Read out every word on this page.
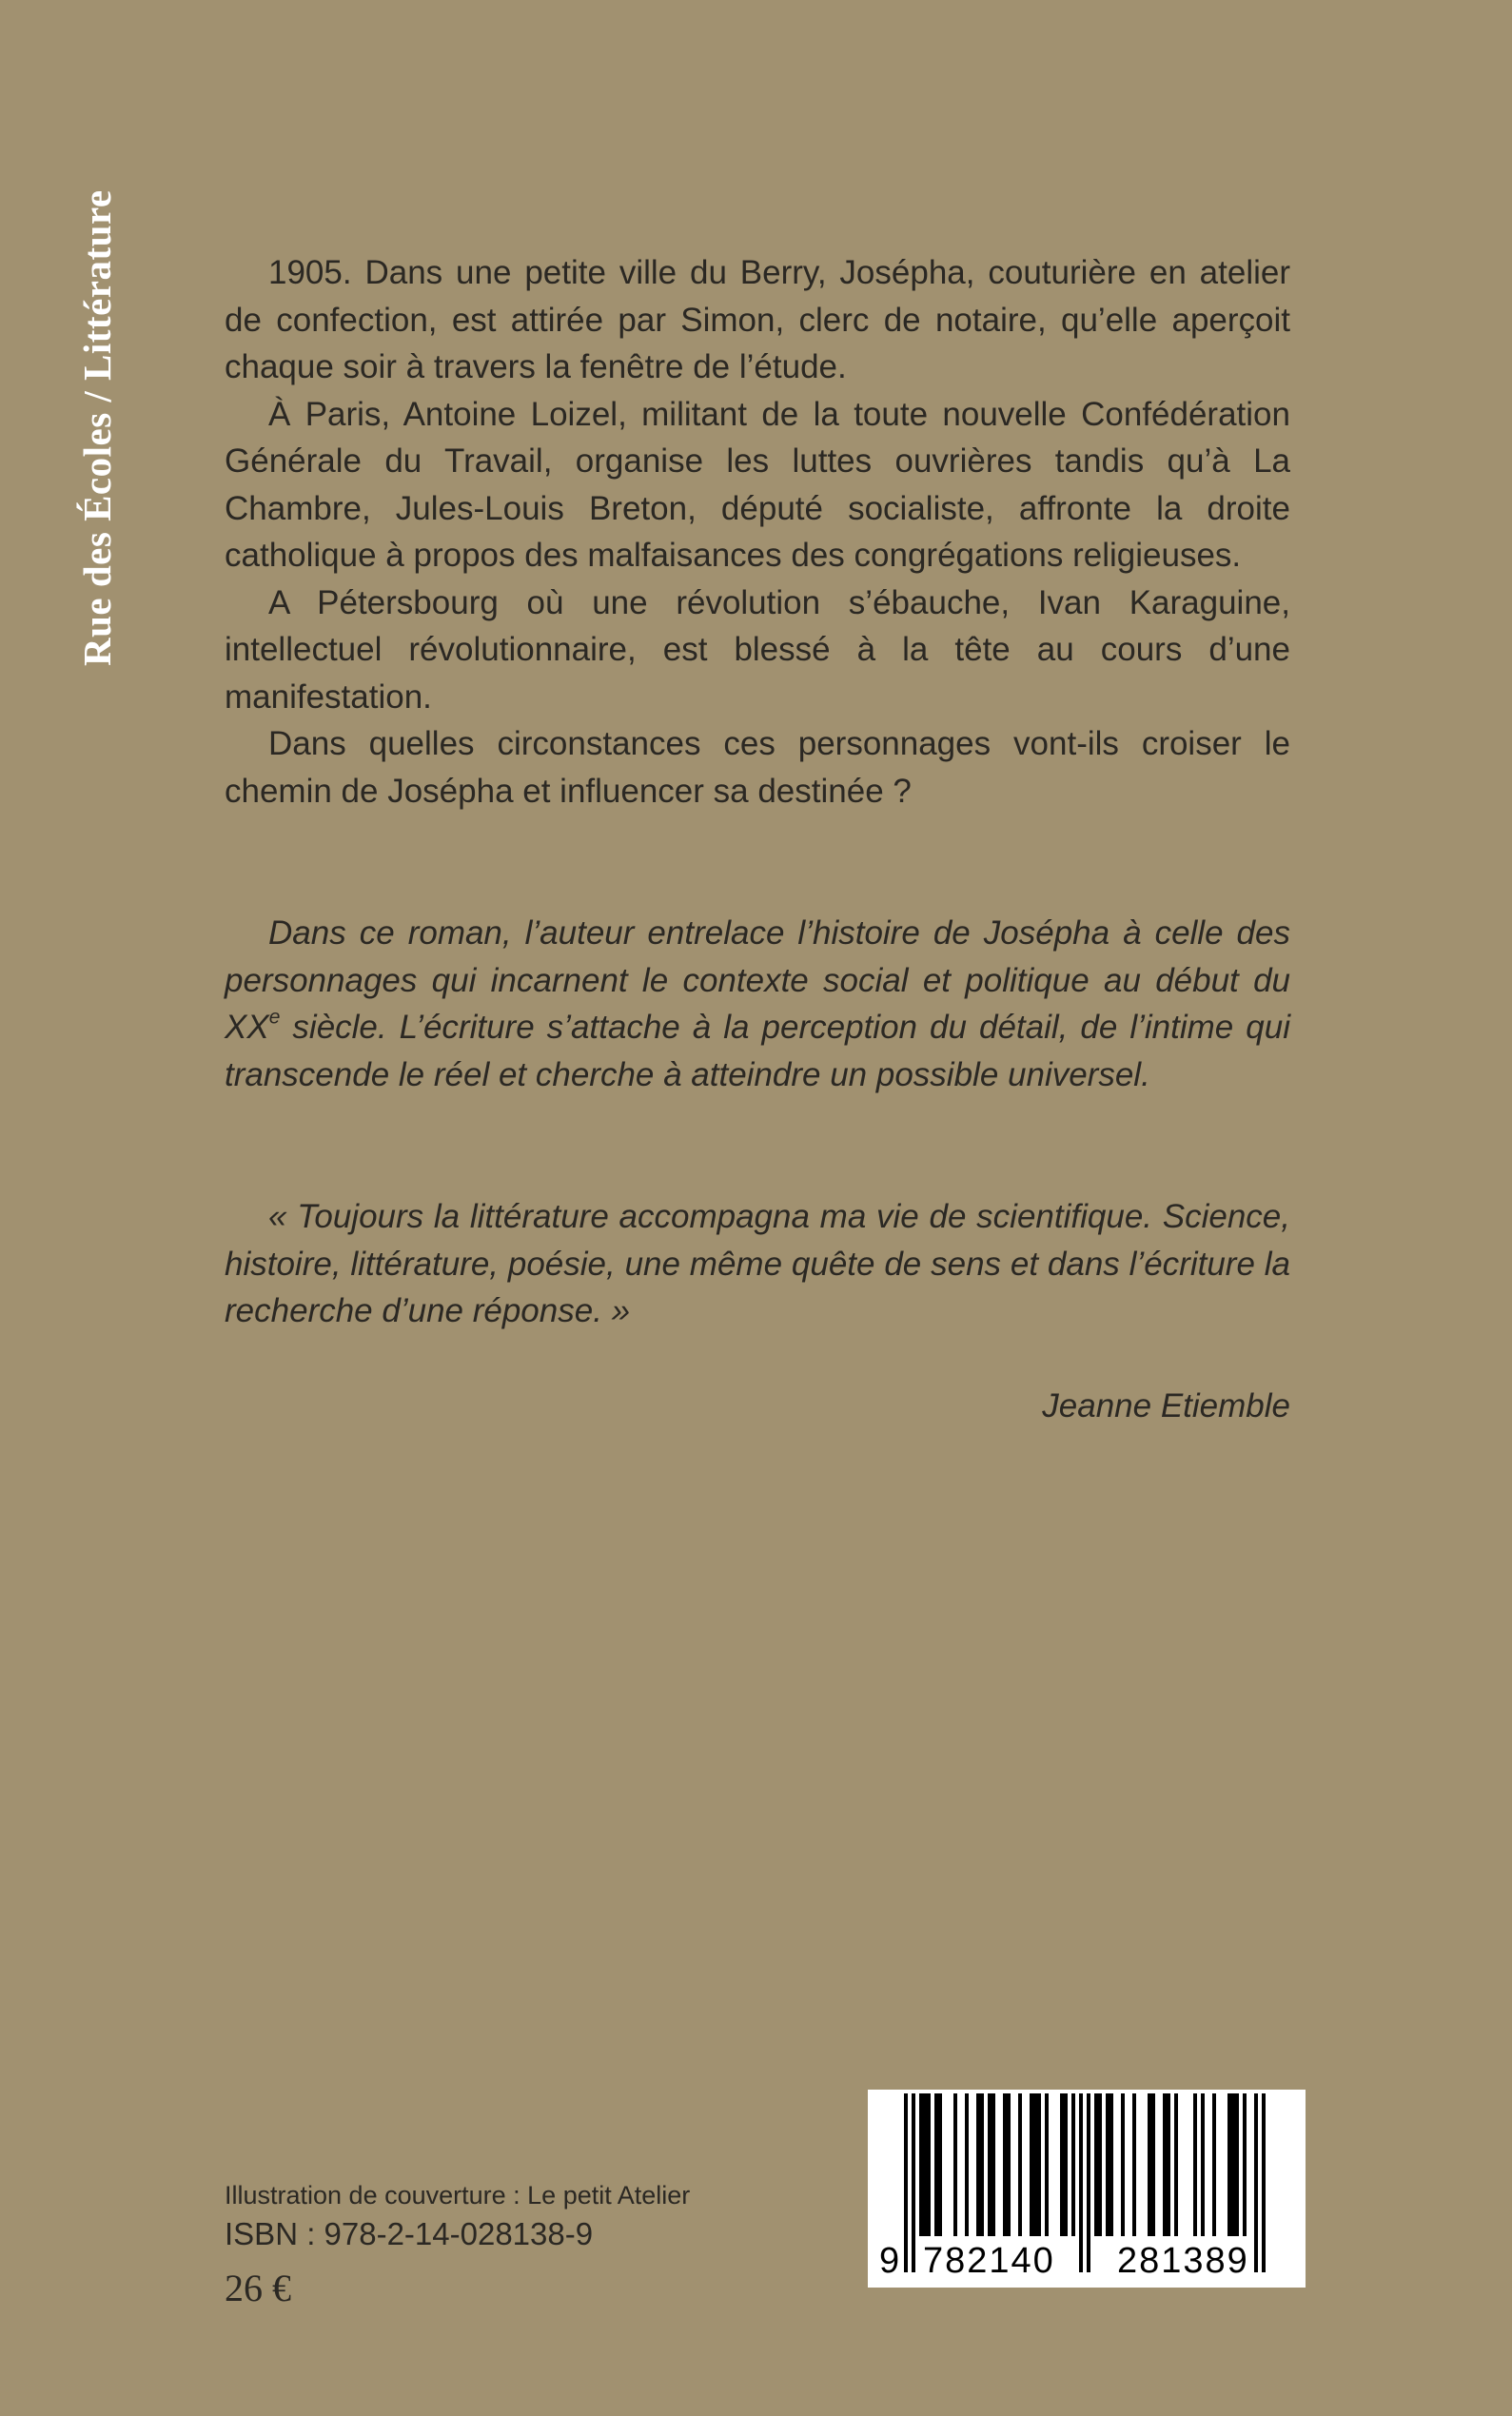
Rue des Écoles / Littérature	1905. Dans une petite ville du Berry, Josépha, couturière en atelier de confection, est attirée par Simon, clerc de notaire, qu’elle aperçoit chaque soir à travers la fenêtre de l’étude.

À Paris, Antoine Loizel, militant de la toute nouvelle Confédération Générale du Travail, organise les luttes ouvrières tandis qu’à La Chambre, Jules-Louis Breton, député socialiste, affronte la droite catholique à propos des malfaisances des congrégations religieuses.

A Pétersbourg où une révolution s’ébauche, Ivan Karaguine, intellectuel révolutionnaire, est blessé à la tête au cours d’une manifestation.

Dans quelles circonstances ces personnages vont-ils croiser le chemin de Josépha et influencer sa destinée ?

Dans ce roman, l’auteur entrelace l’histoire de Josépha à celle des personnages qui incarnent le contexte social et politique au début du XXe siècle. L’écriture s’attache à la perception du détail, de l’intime qui transcende le réel et cherche à atteindre un possible universel.

« Toujours la littérature accompagna ma vie de scientifique. Science, histoire, littérature, poésie, une même quête de sens et dans l’écriture la recherche d’une réponse. »

Jeanne Etiemble

Illustration de couverture : Le petit Atelier
ISBN : 978-2-14-028138-9
26 €
9 782140 281389
